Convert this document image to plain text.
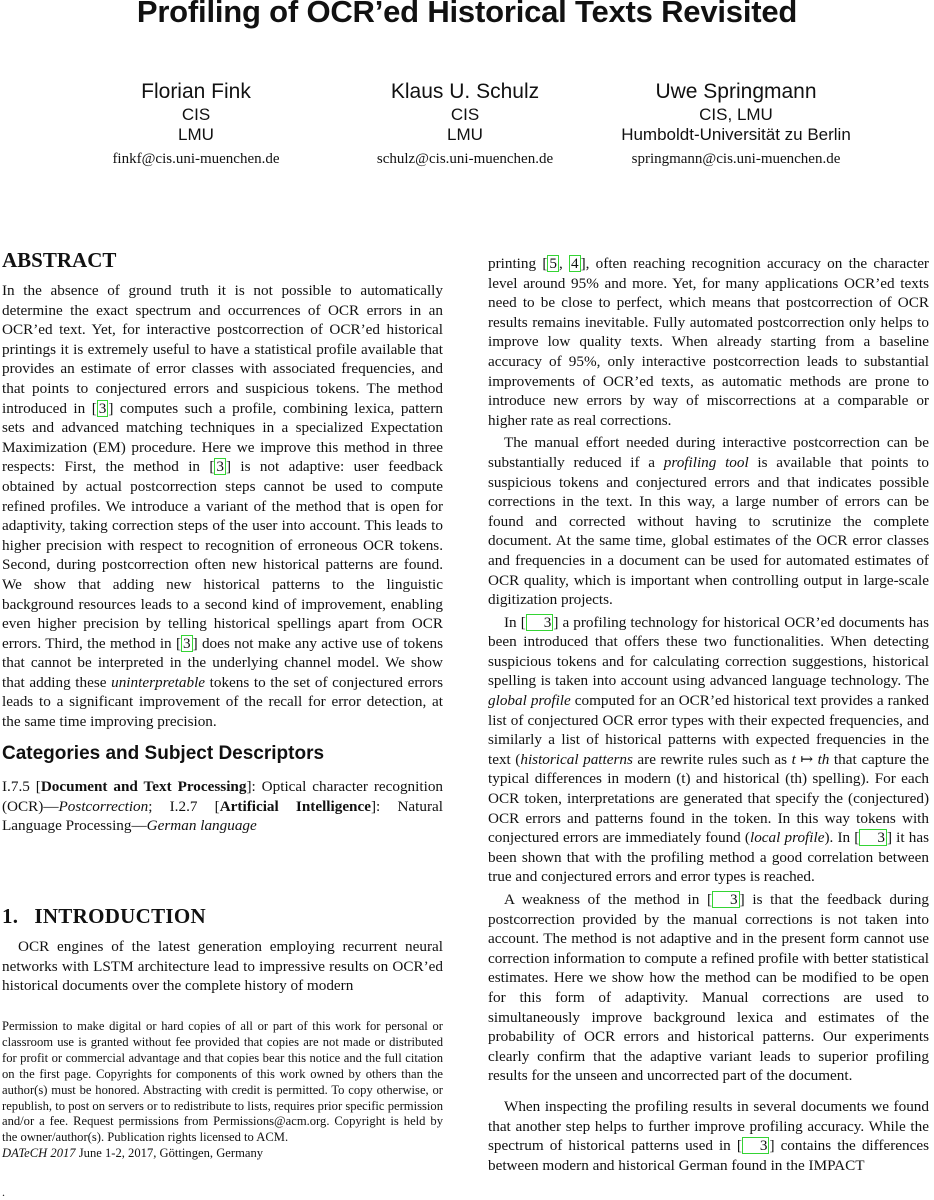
Profiling of OCR’ed Historical Texts Revisited
Florian Fink
CIS
LMU
finkf@cis.uni-muenchen.de
Klaus U. Schulz
CIS
LMU
schulz@cis.uni-muenchen.de
Uwe Springmann
CIS, LMU
Humboldt-Universität zu Berlin
springmann@cis.uni-muenchen.de
ABSTRACT

In the absence of ground truth it is not possible to automatically determine the exact spectrum and occurrences of OCR errors in an OCR’ed text. Yet, for interactive postcorrection of OCR’ed historical printings it is extremely useful to have a statistical profile available that provides an estimate of error classes with associated frequencies, and that points to conjectured errors and suspicious tokens. The method introduced in [ 3 ] computes such a profile, combining lexica, pattern sets and advanced matching techniques in a specialized Expectation Maximization (EM) procedure. Here we improve this method in three respects: First, the method in [ 3 ] is not adaptive: user feedback obtained by actual postcorrection steps cannot be used to compute refined profiles. We introduce a variant of the method that is open for adaptivity, taking correction steps of the user into account. This leads to higher precision with respect to recognition of erroneous OCR tokens. Second, during postcorrection often new historical patterns are found. We show that adding new historical patterns to the linguistic background resources leads to a second kind of improvement, enabling even higher precision by telling historical spellings apart from OCR errors. Third, the method in [ 3 ] does not make any active use of tokens that cannot be interpreted in the underlying channel model. We show that adding these uninterpretable tokens to the set of conjectured errors leads to a significant improvement of the recall for error detection, at the same time improving precision.

Categories and Subject Descriptors

I.7.5 [Document and Text Processing]: Optical character recognition (OCR)—Postcorrection; I.2.7 [Artificial Intelligence]: Natural Language Processing—German language

1. INTRODUCTION

OCR engines of the latest generation employing recurrent neural networks with LSTM architecture lead to impressive results on OCR’ed historical documents over the complete history of modern

Permission to make digital or hard copies of all or part of this work for personal or classroom use is granted without fee provided that copies are not made or distributed for profit or commercial advantage and that copies bear this notice and the full citation on the first page. Copyrights for components of this work owned by others than the author(s) must be honored. Abstracting with credit is permitted. To copy otherwise, or republish, to post on servers or to redistribute to lists, requires prior specific permission and/or a fee. Request permissions from Permissions@acm.org. Copyright is held by the owner/author(s). Publication rights licensed to ACM.

DATeCH 2017 June 1-2, 2017, Göttingen, Germany

.

printing [ 5 , 4 ], often reaching recognition accuracy on the character level around 95% and more. Yet, for many applications OCR’ed texts need to be close to perfect, which means that postcorrection of OCR results remains inevitable. Fully automated postcorrection only helps to improve low quality texts. When already starting from a baseline accuracy of 95%, only interactive postcorrection leads to substantial improvements of OCR’ed texts, as automatic methods are prone to introduce new errors by way of miscorrections at a comparable or higher rate as real corrections.

The manual effort needed during interactive postcorrection can be substantially reduced if a profiling tool is available that points to suspicious tokens and conjectured errors and that indicates possible corrections in the text. In this way, a large number of errors can be found and corrected without having to scrutinize the complete document. At the same time, global estimates of the OCR error classes and frequencies in a document can be used for automated estimates of OCR quality, which is important when controlling output in large-scale digitization projects.

In [ 3 ] a profiling technology for historical OCR’ed documents has been introduced that offers these two functionalities. When detecting suspicious tokens and for calculating correction suggestions, historical spelling is taken into account using advanced language technology. The global profile computed for an OCR’ed historical text provides a ranked list of conjectured OCR error types with their expected frequencies, and similarly a list of historical patterns with expected frequencies in the text (historical patterns are rewrite rules such as t ↦ th that capture the typical differences in modern (t) and historical (th) spelling). For each OCR token, interpretations are generated that specify the (conjectured) OCR errors and patterns found in the token. In this way tokens with conjectured errors are immediately found (local profile). In [ 3 ] it has been shown that with the profiling method a good correlation between true and conjectured errors and error types is reached.

A weakness of the method in [ 3 ] is that the feedback during postcorrection provided by the manual corrections is not taken into account. The method is not adaptive and in the present form cannot use correction information to compute a refined profile with better statistical estimates. Here we show how the method can be modified to be open for this form of adaptivity. Manual corrections are used to simultaneously improve background lexica and estimates of the probability of OCR errors and historical patterns. Our experiments clearly confirm that the adaptive variant leads to superior profiling results for the unseen and uncorrected part of the document.

When inspecting the profiling results in several documents we found that another step helps to further improve profiling accuracy. While the spectrum of historical patterns used in [ 3 ] contains the differences between modern and historical German found in the IMPACT
